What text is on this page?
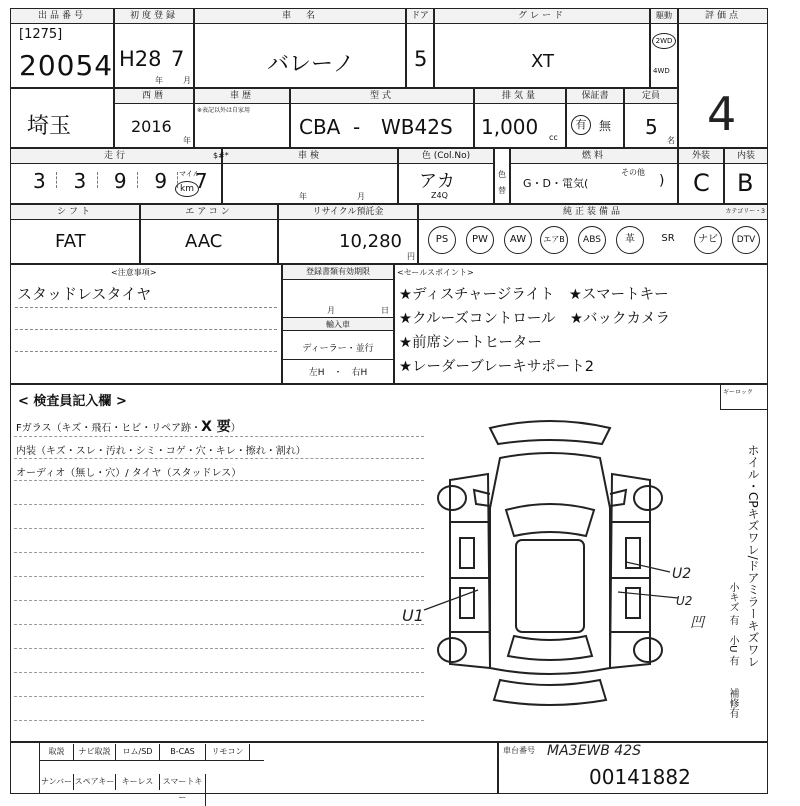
出品番号
[1275]
20054
初度登録
H28 7
年	月
車　名
バレーノ
ドア
5
グレード
XT
駆動
2WD
4WD
評価点
4
埼玉
西暦
2016
年
車歴
※表記以外は自家用
型式
CBA - WB42S
排気量
1,000 cc
保証書
有	無
定員
5
名
走行
3 3 9 9 7
マイル
km
車検
$#*
年	月
色 (Col.No)
アカ
Z4Q
色
替
燃料
G・D・電気(
その他
)
外装
C
内装
B
シフト
FAT
エアコン
AAC
リサイクル預託金
10,280
円
純正装備品	カテゴリー・3
PS	PW	AW	エアB	ABS	革	SR	ナビ	DTV
<注意事項>
スタッドレスタイヤ
登録書類有効期限
月	日
輸入車
ディーラー・並行
左H　・　右H
<セールスポイント>
★ディスチャージライト　★スマートキー
★クルーズコントロール　★バックカメラ
★前席シートヒーター
★レーダーブレーキサポート2
< 検査員記入欄 >
Fガラス（キズ・飛石・ヒビ・リペア跡・X 要）
内装（キズ・スレ・汚れ・シミ・コゲ・穴・キレ・擦れ・割れ）
オーディオ（無し・穴）/ タイヤ（スタッドレス）
U1
U2
U2
凹
ギーロック
ホイル・CPキズワレ/ドアミラーキズワレ
小キズ 有　小U 有
補修有
取説	ナビ取説	ロム/SD	B-CAS	リモコン
ナンバー スペアキー キーレス	スマートキー
車台番号 MA3EWB 42S
00141882
